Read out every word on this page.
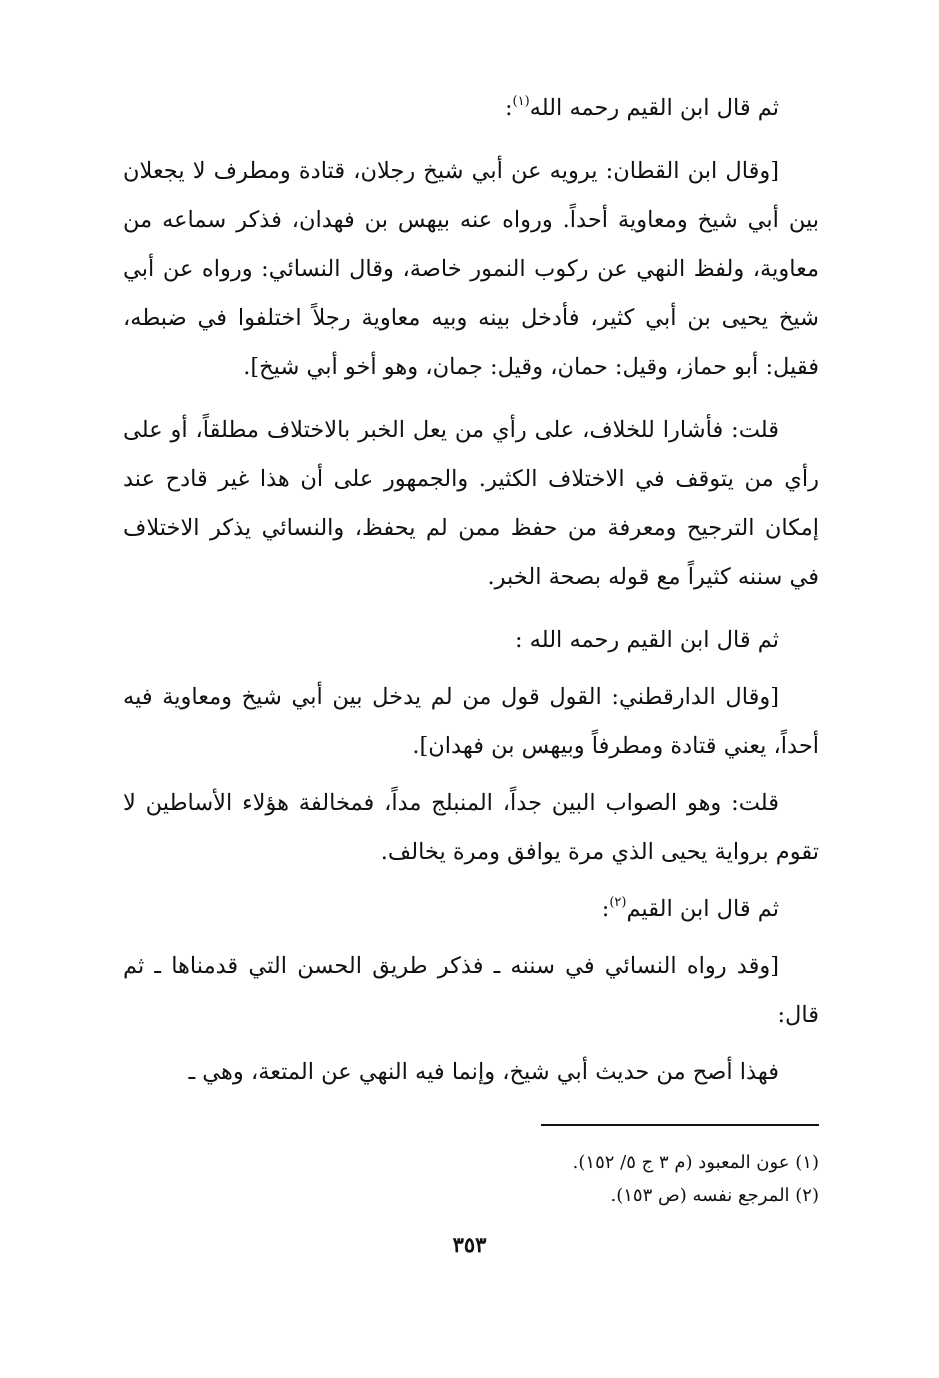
ثم قال ابن القيم رحمه الله$^{(١)}$:

[وقال ابن القطان: يرويه عن أبي شيخ رجلان، قتادة ومطرف لا يجعلان بين أبي شيخ ومعاوية أحداً. ورواه عنه بيهس بن فهدان، فذكر سماعه من معاوية، ولفظ النهي عن ركوب النمور خاصة، وقال النسائي: ورواه عن أبي شيخ يحيى بن أبي كثير، فأدخل بينه وبيه معاوية رجلاً اختلفوا في ضبطه، فقيل: أبو حماز، وقيل: حمان، وقيل: جمان، وهو أخو أبي شيخ].

قلت: فأشارا للخلاف، على رأي من يعل الخبر بالاختلاف مطلقاً، أو على رأي من يتوقف في الاختلاف الكثير. والجمهور على أن هذا غير قادح عند إمكان الترجيح ومعرفة من حفظ ممن لم يحفظ، والنسائي يذكر الاختلاف في سننه كثيراً مع قوله بصحة الخبر.

ثم قال ابن القيم رحمه الله :

[وقال الدارقطني: القول قول من لم يدخل بين أبي شيخ ومعاوية فيه أحداً، يعني قتادة ومطرفاً وبيهس بن فهدان].

قلت: وهو الصواب البين جداً، المنبلج مداً، فمخالفة هؤلاء الأساطين لا تقوم برواية يحيى الذي مرة يوافق ومرة يخالف.

ثم قال ابن القيم$^{(٢)}$:

[وقد رواه النسائي في سننه ـ فذكر طريق الحسن التي قدمناها ـ ثم قال:

فهذا أصح من حديث أبي شيخ، وإنما فيه النهي عن المتعة، وهي ـ

(١) عون المعبود (م ٣ ج ٥/ ١٥٢).

(٢) المرجع نفسه (ص ١٥٣).

٣٥٣
